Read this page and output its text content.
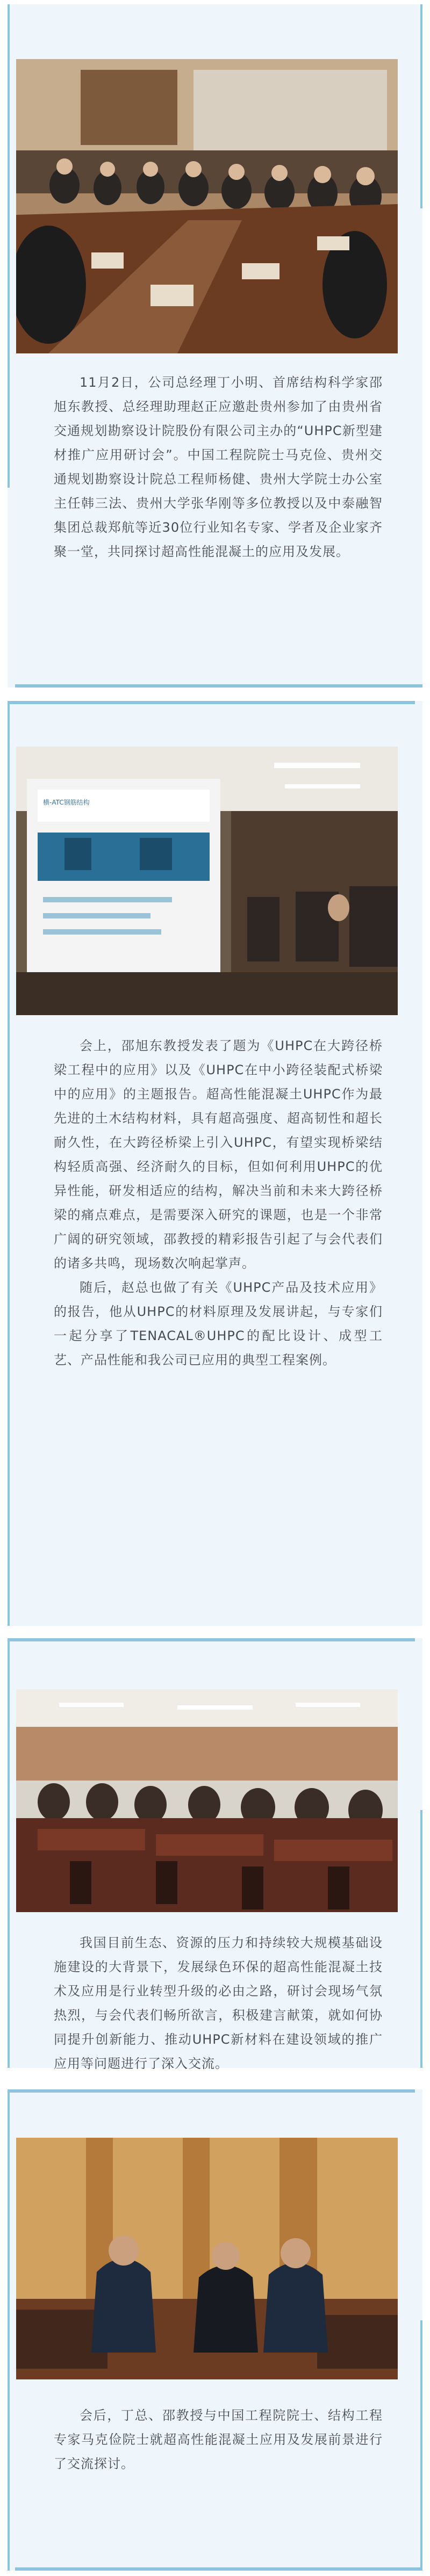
11月2日，公司总经理丁小明、首席结构科学家邵旭东教授、总经理助理赵正应邀赴贵州参加了由贵州省交通规划勘察设计院股份有限公司主办的“UHPC新型建材推广应用研讨会”。中国工程院院士马克俭、贵州交通规划勘察设计院总工程师杨健、贵州大学院士办公室主任韩三法、贵州大学张华刚等多位教授以及中泰融智集团总裁郑航等近30位行业知名专家、学者及企业家齐聚一堂，共同探讨超高性能混凝土的应用及发展。

横-ATC钢筋结构

会上，邵旭东教授发表了题为《UHPC在大跨径桥梁工程中的应用》以及《UHPC在中小跨径装配式桥梁中的应用》的主题报告。超高性能混凝土UHPC作为最先进的土木结构材料，具有超高强度、超高韧性和超长耐久性，在大跨径桥梁上引入UHPC，有望实现桥梁结构轻质高强、经济耐久的目标，但如何利用UHPC的优异性能，研发相适应的结构，解决当前和未来大跨径桥梁的痛点难点，是需要深入研究的课题，也是一个非常广阔的研究领域，邵教授的精彩报告引起了与会代表们的诸多共鸣，现场数次响起掌声。

随后，赵总也做了有关《UHPC产品及技术应用》的报告，他从UHPC的材料原理及发展讲起，与专家们一起分享了TENACAL®UHPC的配比设计、成型工艺、产品性能和我公司已应用的典型工程案例。

我国目前生态、资源的压力和持续较大规模基础设施建设的大背景下，发展绿色环保的超高性能混凝土技术及应用是行业转型升级的必由之路，研讨会现场气氛热烈，与会代表们畅所欲言，积极建言献策，就如何协同提升创新能力、推动UHPC新材料在建设领域的推广应用等问题进行了深入交流。

会后，丁总、邵教授与中国工程院院士、结构工程专家马克俭院士就超高性能混凝土应用及发展前景进行了交流探讨。
